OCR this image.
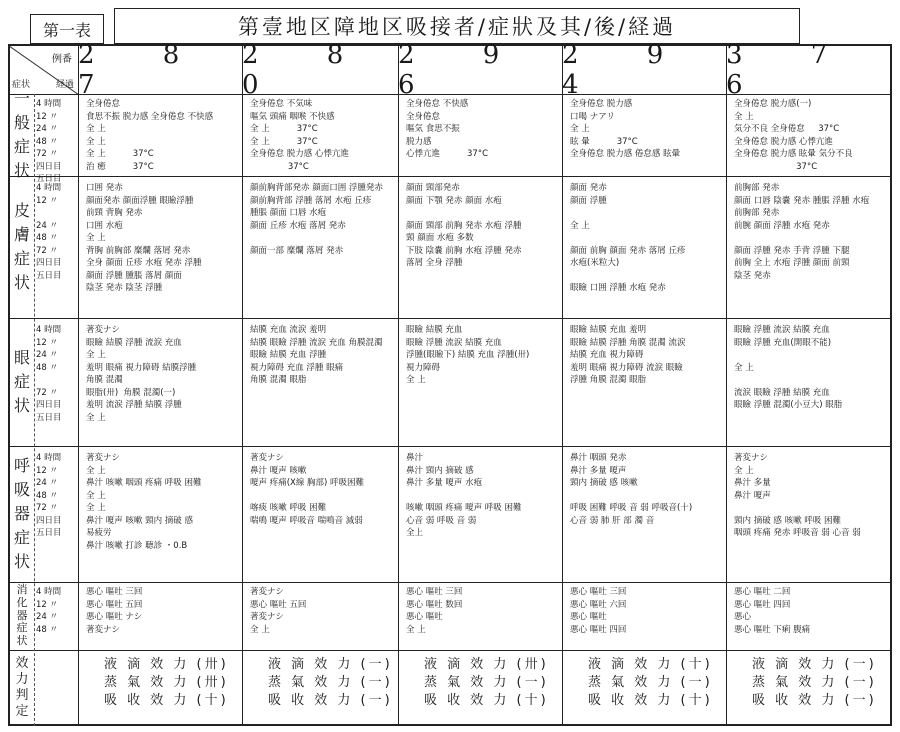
第一表	第壹地区障地区吸接者/症狀及其/後/経過
例番
症状	経過
2 8 7
2 8 0
2 9 6
2 9 4
3 7 6
一
般
症
状
皮
膚
症
状
眼
症
状
呼
吸
器
症
状
消
化
器
症
状
效
力
判
定
4 時間
12 〃
24 〃
48 〃
72 〃
四日目
五日目
4 時間
12 〃

24 〃
48 〃
72 〃
四日目
五日目
4 時間
12 〃
24 〃
48 〃

72 〃
四日目
五日目
4 時間
12 〃
24 〃
48 〃
72 〃
四日目
五日目
4 時間
12 〃
24 〃
48 〃
全身倦怠
食思不振 脱力感 全身倦怠 不快感
全 上
全 上
全 上          37°C
治 癒          37°C
全身倦怠 不気味
嘔気 頭痛 咽喉 不快感
全 上          37°C
全 上          37°C
全身倦怠 脱力感 心悸亢進
37°C
全身倦怠 不快感
全身倦怠
嘔気 食思不振
脱力感
心悸亢進          37°C
全身倦怠 脱力感
口喝 ナアリ
全 上
眩 暈          37°C
全身倦怠 脱力感 倦怠感 眩暈
全身倦怠 脱力感(一)
全 上
気分不良 全身倦怠     37°C
全身倦怠 脱力感 心悸亢進
全身倦怠 脱力感 眩暈 気分不良
37°C
口囲 発赤
顔面発赤 顔面浮腫 眼瞼浮腫
前頸 背胸 発赤
口囲 水疱
全 上
背胸 前胸部 糜爛 落屑 発赤
全身 顔面 丘疹 水疱 発赤 浮腫
顔面 浮腫 腫脹 落屑 顔面
陰茎 発赤 陰茎 浮腫
顔前胸背部発赤 顔面口囲 浮腫発赤
顔前胸背部 浮腫 落屑 水疱 丘疹
腫脹 顔面 口唇 水疱
顔面 丘疹 水疱 落屑 発赤

顔面一部 糜爛 落屑 発赤
顔面 頸部発赤
顔面 下顎 発赤 顔面 水疱

顔面 頸部 前胸 発赤 水疱 浮腫
頸 顔面 水疱 多数
下肢 陰嚢 前胸 水疱 浮腫 発赤
落屑 全身 浮腫
顔面 発赤
顔面 浮腫

全 上

顔面 前胸 顔面 発赤 落屑 丘疹
水疱(米粒大)

眼瞼 口囲 浮腫 水疱 発赤
前胸部 発赤
顔面 口唇 陰嚢 発赤 腫脹 浮腫 水疱
前胸部 発赤
前腕 顔面 浮腫 水疱 発赤

顔面 浮腫 発赤 手背 浮腫 下腿
前胸 全上 水疱 浮腫 顔面 前頸
陰茎 発赤
著変ナシ
眼瞼 結膜 浮腫 流涙 充血
全 上
羞明 眼痛 視力障碍 結膜浮腫
角膜 混濁
眼脂(卅)  角膜 混濁(一)
羞明 流涙 浮腫 結膜 浮腫
全 上
結膜 充血 流涙 羞明
結膜 眼瞼 浮腫 流涙 充血 角膜混濁
眼瞼 結膜 充血 浮腫
視力障碍 充血 浮腫 眼痛
角膜 混濁 眼脂
眼瞼 結膜 充血
眼瞼 浮腫 流涙 結膜 充血
浮腫(眼瞼下) 結膜 充血 浮腫(卅)
視力障碍
全 上
眼瞼 結膜 充血 羞明
眼瞼 結膜 浮腫 角膜 混濁 流涙
結膜 充血 視力障碍
羞明 眼痛 視力障碍 流涙 眼瞼
浮腫 角膜 混濁 眼脂
眼瞼 浮腫 流涙 結膜 充血
眼瞼 浮腫 充血(開眼不能)

全 上

流涙 眼瞼 浮腫 結膜 充血
眼瞼 浮腫 混濁(小豆大) 眼脂
著変ナシ
全 上
鼻汁 咳嗽 咽頭 疼痛 呼吸 困難
全 上
全 上
鼻汁 嗄声 咳嗽 頸内 摘破 感
易疲労
鼻汁 咳嗽 打診 聴診 ・0.B
著変ナシ
鼻汁 嗄声 咳嗽
嗄声 疼痛(X線 胸部) 呼吸困難

喀痰 咳嗽 呼吸 困難
喘鳴 嗄声 呼吸音 喘鳴音 減弱
鼻汁
鼻汁 頸内 摘破 感
鼻汁 多量 嗄声 水疱

咳嗽 咽頭 疼痛 嗄声 呼吸 困難
心音 弱 呼吸 音 弱
全上
鼻汁 咽頭 発赤
鼻汁 多量 嗄声
頸内 摘破 感 咳嗽

呼吸 困難 呼吸 音 弱 呼吸音(十)
心音 弱 肺 肝 部 濁 音
著変ナシ
全 上
鼻汁 多量
鼻汁 嗄声

頸内 摘破 感 咳嗽 呼吸 困難
咽頭 疼痛 発赤 呼吸音 弱 心音 弱
悪心 嘔吐 三回
悪心 嘔吐 五回
悪心 嘔吐 ナシ
著変ナシ
著変ナシ
悪心 嘔吐 五回
著変ナシ
全 上
悪心 嘔吐 三回
悪心 嘔吐 数回
悪心 嘔吐
全 上
悪心 嘔吐 三回
悪心 嘔吐 六回
悪心 嘔吐
悪心 嘔吐 四回
悪心 嘔吐 二回
悪心 嘔吐 四回
悪心
悪心 嘔吐 下痢 腹痛
液 滴 效 力 (卅)
蒸 氣 效 力 (卅)
吸 收 效 力 (十)
液 滴 效 力 (一)
蒸 氣 效 力 (一)
吸 收 效 力 (一)
液 滴 效 力 (卅)
蒸 氣 效 力 (一)
吸 收 效 力 (十)
液 滴 效 力 (十)
蒸 氣 效 力 (一)
吸 收 效 力 (十)
液 滴 效 力 (一)
蒸 氣 效 力 (一)
吸 收 效 力 (一)
